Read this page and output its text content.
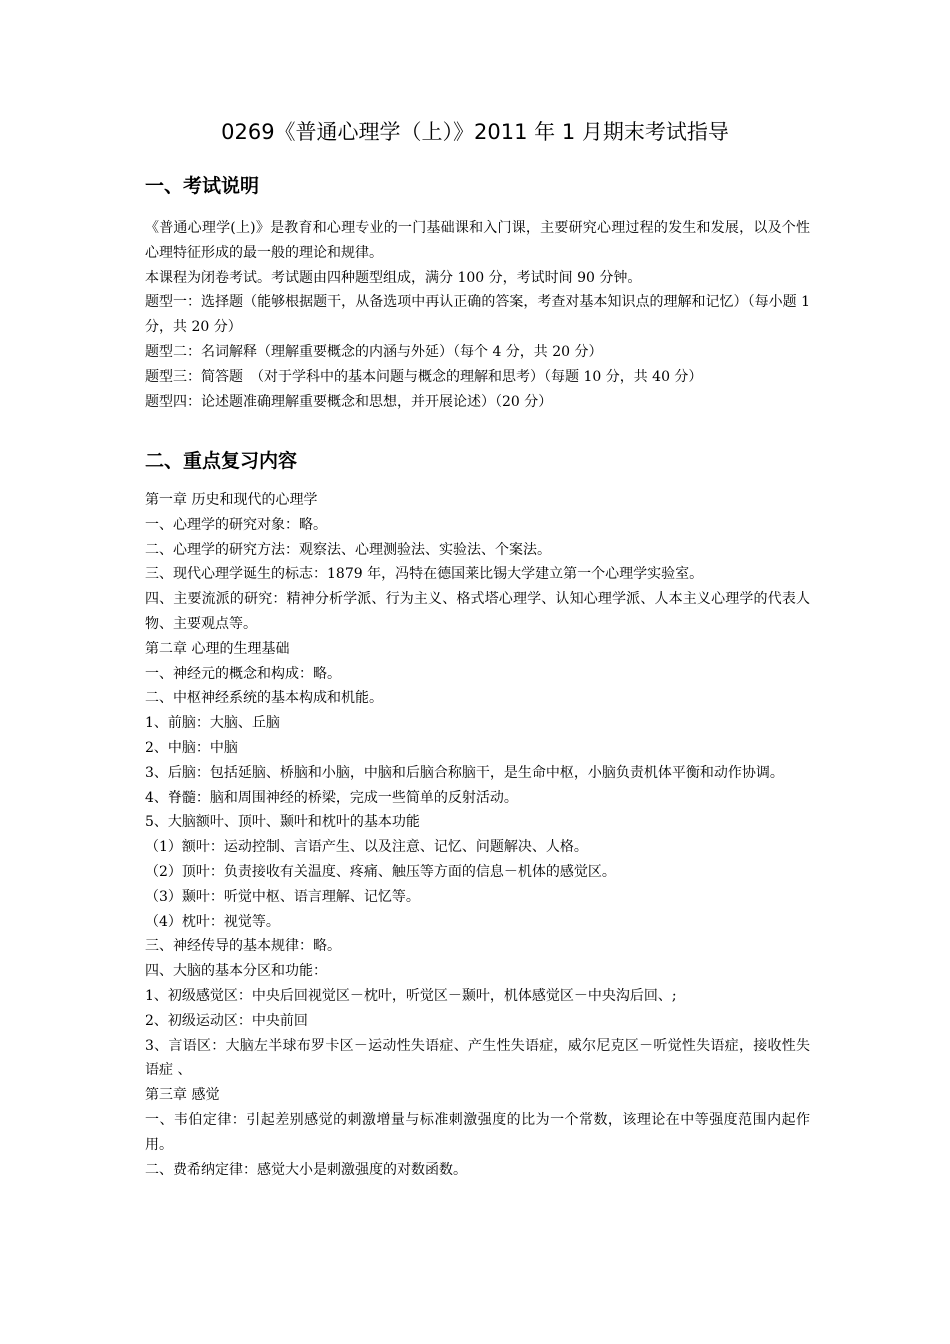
0269《普通心理学（上）》2011 年 1 月期末考试指导
一、考试说明
《普通心理学(上)》是教育和心理专业的一门基础课和入门课，主要研究心理过程的发生和发展，以及个性心理特征形成的最一般的理论和规律。
本课程为闭卷考试。考试题由四种题型组成，满分 100 分，考试时间 90 分钟。
题型一：选择题（能够根据题干，从备选项中再认正确的答案，考查对基本知识点的理解和记忆）（每小题 1 分，共 20 分）
题型二：名词解释（理解重要概念的内涵与外延）（每个 4 分，共 20 分）
题型三：简答题　（对于学科中的基本问题与概念的理解和思考）（每题 10 分，共 40 分）
题型四：论述题准确理解重要概念和思想，并开展论述）（20 分）
二、重点复习内容
第一章 历史和现代的心理学
一、心理学的研究对象：略。
二、心理学的研究方法：观察法、心理测验法、实验法、个案法。
三、现代心理学诞生的标志：1879 年，冯特在德国莱比锡大学建立第一个心理学实验室。
四、主要流派的研究：精神分析学派、行为主义、格式塔心理学、认知心理学派、人本主义心理学的代表人物、主要观点等。
第二章 心理的生理基础
一、神经元的概念和构成：略。
二、中枢神经系统的基本构成和机能。
1、前脑：大脑、丘脑
2、中脑：中脑
3、后脑：包括延脑、桥脑和小脑，中脑和后脑合称脑干，是生命中枢，小脑负责机体平衡和动作协调。
4、脊髓：脑和周围神经的桥梁，完成一些简单的反射活动。
5、大脑额叶、顶叶、颞叶和枕叶的基本功能
（1）额叶：运动控制、言语产生、以及注意、记忆、问题解决、人格。
（2）顶叶：负责接收有关温度、疼痛、触压等方面的信息－机体的感觉区。
（3）颞叶：听觉中枢、语言理解、记忆等。
（4）枕叶：视觉等。
三、神经传导的基本规律：略。
四、大脑的基本分区和功能：
1、初级感觉区：中央后回视觉区－枕叶，听觉区－颞叶，机体感觉区－中央沟后回、;
2、初级运动区：中央前回
3、言语区：大脑左半球布罗卡区－运动性失语症、产生性失语症，威尔尼克区－听觉性失语症，接收性失语症 、
第三章 感觉
一、韦伯定律：引起差别感觉的刺激增量与标准刺激强度的比为一个常数，该理论在中等强度范围内起作用。
二、费希纳定律：感觉大小是刺激强度的对数函数。
